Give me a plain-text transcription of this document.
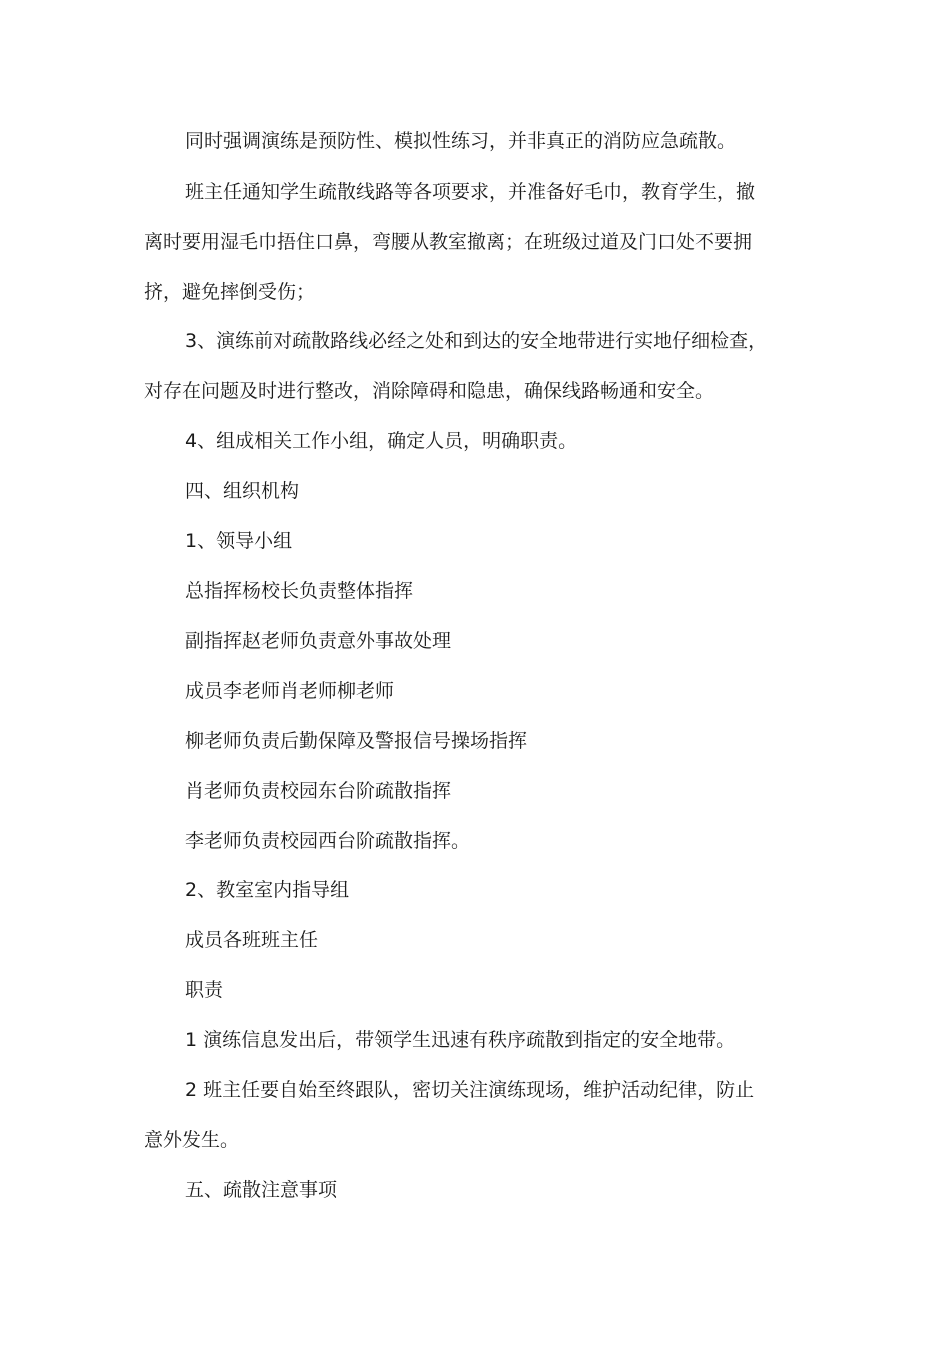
同时强调演练是预防性、模拟性练习，并非真正的消防应急疏散。
班主任通知学生疏散线路等各项要求，并准备好毛巾，教育学生，撤
离时要用湿毛巾捂住口鼻，弯腰从教室撤离；在班级过道及门口处不要拥
挤，避免摔倒受伤；
3、演练前对疏散路线必经之处和到达的安全地带进行实地仔细检查，
对存在问题及时进行整改，消除障碍和隐患，确保线路畅通和安全。
4、组成相关工作小组，确定人员，明确职责。
四、组织机构
1、领导小组
总指挥杨校长负责整体指挥
副指挥赵老师负责意外事故处理
成员李老师肖老师柳老师
柳老师负责后勤保障及警报信号操场指挥
肖老师负责校园东台阶疏散指挥
李老师负责校园西台阶疏散指挥。
2、教室室内指导组
成员各班班主任
职责
1 演练信息发出后，带领学生迅速有秩序疏散到指定的安全地带。
2 班主任要自始至终跟队，密切关注演练现场，维护活动纪律，防止
意外发生。
五、疏散注意事项
